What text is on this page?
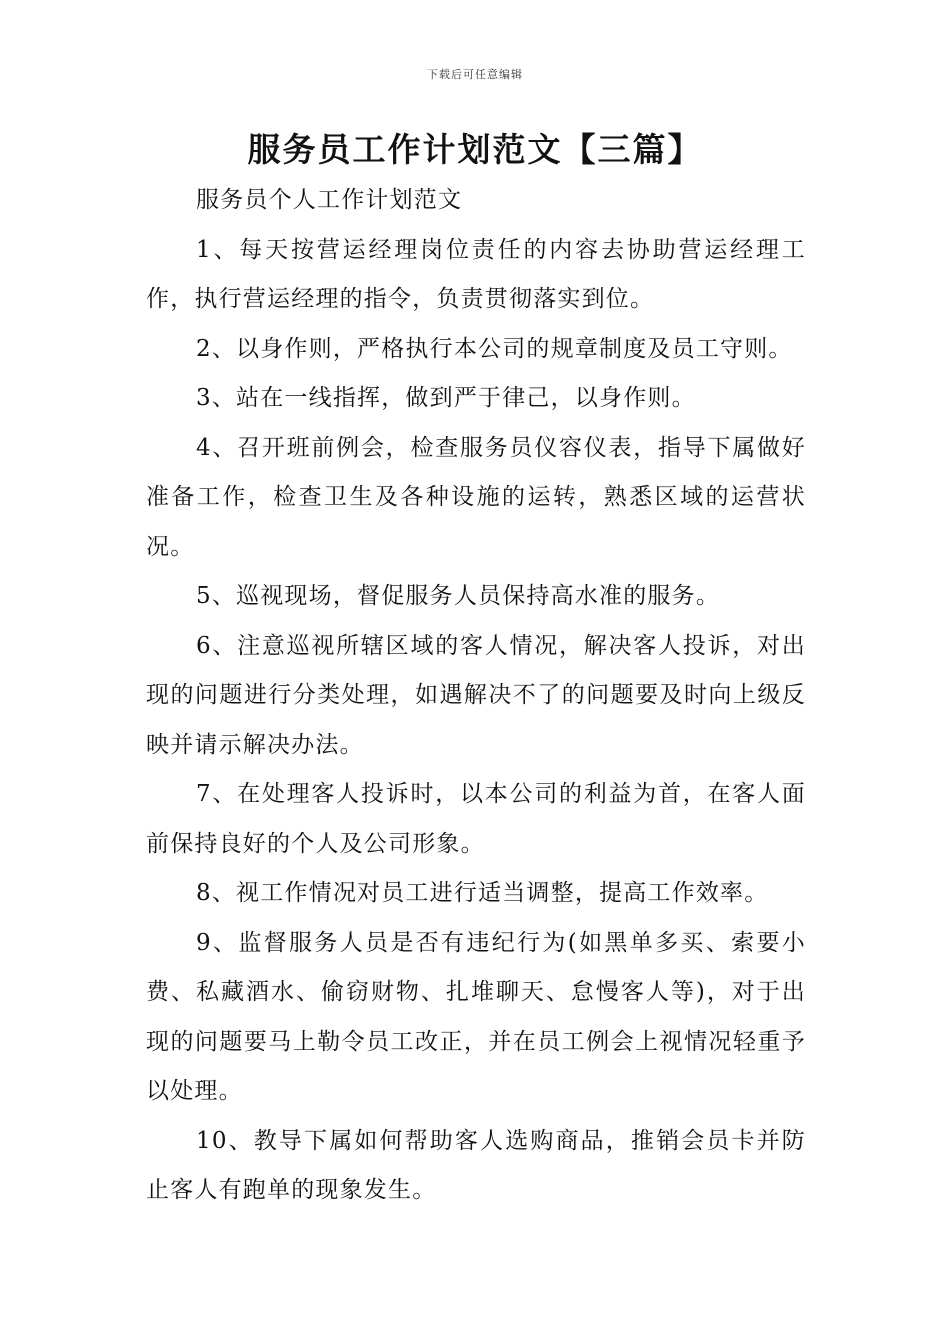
下载后可任意编辑
服务员工作计划范文【三篇】

服务员个人工作计划范文

1、每天按营运经理岗位责任的内容去协助营运经理工作，执行营运经理的指令，负责贯彻落实到位。

2、以身作则，严格执行本公司的规章制度及员工守则。

3、站在一线指挥，做到严于律己，以身作则。

4、召开班前例会，检查服务员仪容仪表，指导下属做好准备工作，检查卫生及各种设施的运转，熟悉区域的运营状况。

5、巡视现场，督促服务人员保持高水准的服务。

6、注意巡视所辖区域的客人情况，解决客人投诉，对出现的问题进行分类处理，如遇解决不了的问题要及时向上级反映并请示解决办法。

7、在处理客人投诉时，以本公司的利益为首，在客人面前保持良好的个人及公司形象。

8、视工作情况对员工进行适当调整，提高工作效率。

9、监督服务人员是否有违纪行为(如黑单多买、索要小费、私藏酒水、偷窃财物、扎堆聊天、怠慢客人等)，对于出现的问题要马上勒令员工改正，并在员工例会上视情况轻重予以处理。

10、教导下属如何帮助客人选购商品，推销会员卡并防止客人有跑单的现象发生。
